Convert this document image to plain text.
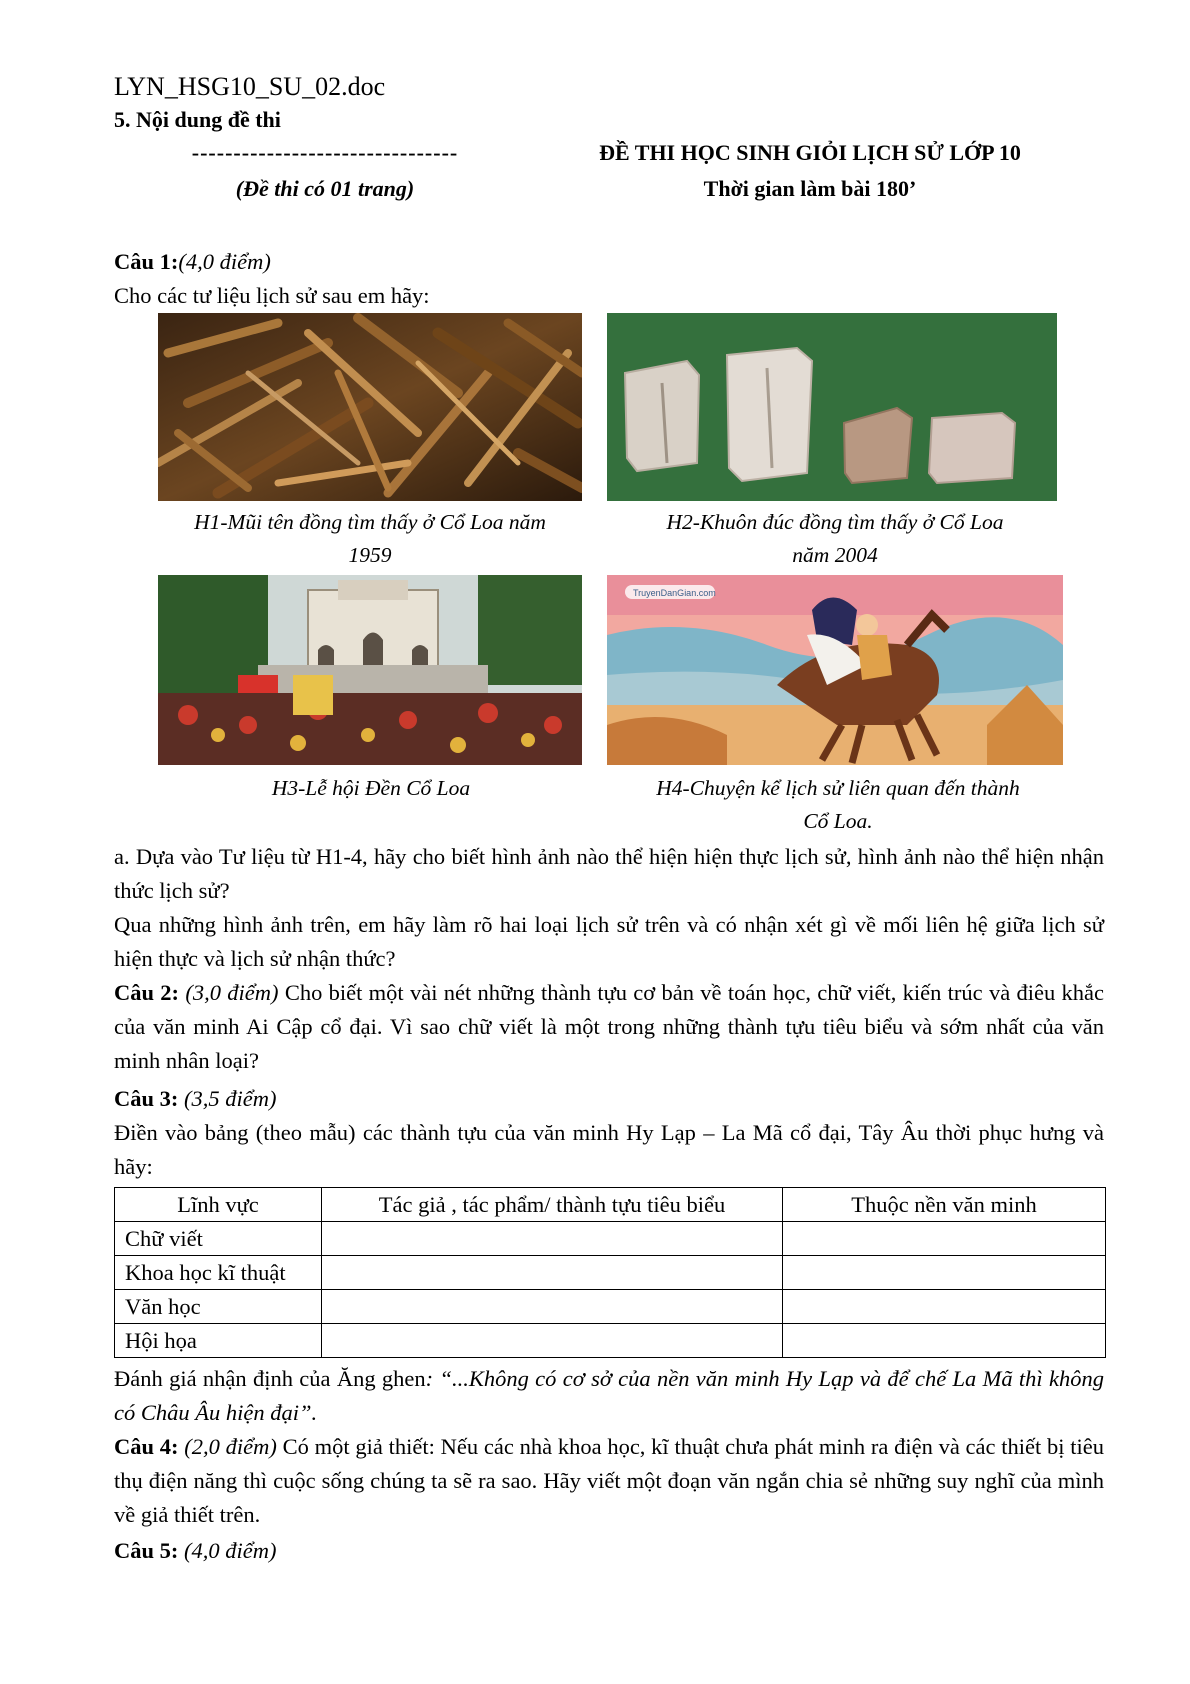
LYN_HSG10_SU_02.doc
5. Nội dung đề thi
--------------------------------
(Đề thi có 01 trang)
ĐỀ THI HỌC SINH GIỎI LỊCH SỬ LỚP 10
Thời gian làm bài 180’
Câu 1:(4,0 điểm)
Cho các tư liệu lịch sử sau em hãy:
H1-Mũi tên đồng tìm thấy ở Cổ Loa năm
1959
H2-Khuôn đúc đồng tìm thấy ở Cổ Loa
năm 2004
TruyenDanGian.com
H3-Lễ hội Đền Cổ Loa	H4-Chuyện kể lịch sử liên quan đến thành
Cổ Loa.
a. Dựa vào Tư liệu từ H1-4, hãy cho biết hình ảnh nào thể hiện hiện thực lịch sử, hình ảnh nào thể hiện nhận thức lịch sử?
Qua những hình ảnh trên, em hãy làm rõ hai loại lịch sử trên và có nhận xét gì về mối liên hệ giữa lịch sử hiện thực và lịch sử nhận thức?
Câu 2: (3,0 điểm) Cho biết một vài nét những thành tựu cơ bản về toán học, chữ viết, kiến trúc và điêu khắc của văn minh Ai Cập cổ đại. Vì sao chữ viết là một trong những thành tựu tiêu biểu và sớm nhất của văn minh nhân loại?
Câu 3: (3,5 điểm)
Điền vào bảng (theo mẫu) các thành tựu của văn minh Hy Lạp – La Mã cổ đại, Tây Âu thời phục hưng và hãy:
Lĩnh vực	Tác giả , tác phẩm/ thành tựu tiêu biểu	Thuộc nền văn minh
Chữ viết		
Khoa học kĩ thuật		
Văn học		
Hội họa		
Đánh giá nhận định của Ăng ghen: “...Không có cơ sở của nền văn minh Hy Lạp và để chế La Mã thì không có Châu Âu hiện đại”.
Câu 4: (2,0 điểm) Có một giả thiết: Nếu các nhà khoa học, kĩ thuật chưa phát minh ra điện và các thiết bị tiêu thụ điện năng thì cuộc sống chúng ta sẽ ra sao. Hãy viết một đoạn văn ngắn chia sẻ những suy nghĩ của mình về giả thiết trên.
Câu 5: (4,0 điểm)
